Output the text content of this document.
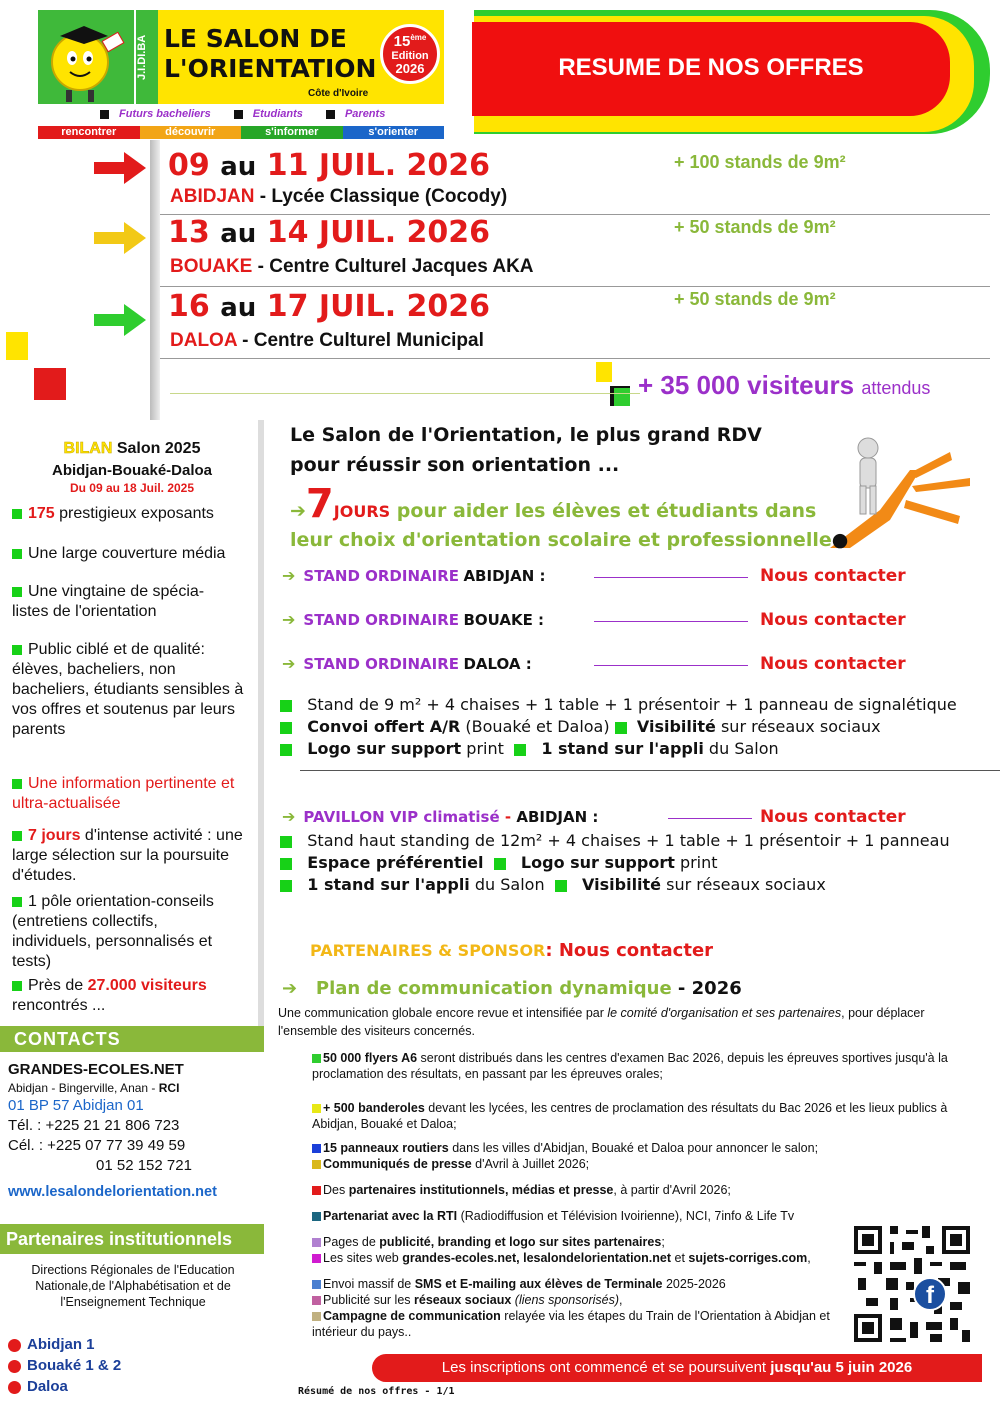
J.I.DI.BA LE SALON DE
L'ORIENTATION
15ème
Edition
2026
Côte d'Ivoire
Futurs bacheliers	Etudiants	Parents
rencontrer	découvrir	s'informer	s'orienter
RESUME DE NOS OFFRES
09 au 11 JUIL. 2026
ABIDJAN - Lycée Classique (Cocody)
+ 100 stands de 9m²
13 au 14 JUIL. 2026
BOUAKE - Centre Culturel Jacques AKA
+ 50 stands de 9m²
16 au 17 JUIL. 2026
DALOA - Centre Culturel Municipal
+ 50 stands de 9m²
+ 35 000 visiteurs attendus
BILAN Salon 2025
Abidjan-Bouaké-Daloa
Du 09 au 18 Juil. 2025
175 prestigieux exposants
Une large couverture média
Une vingtaine de spécia-listes de l'orientation
Public ciblé et de qualité: élèves, bacheliers, non bacheliers, étudiants sensibles à vos offres et soutenus par leurs parents
Une information pertinente et ultra-actualisée
7 jours d'intense activité : une large sélection sur la poursuite d'études.
1 pôle orientation-conseils (entretiens collectifs, individuels, personnalisés et tests)
Près de 27.000 visiteurs rencontrés ...
CONTACTS
GRANDES-ECOLES.NET
Abidjan - Bingerville, Anan - RCI
01 BP 57 Abidjan 01
Tél. : +225 21 21 806 723
Cél. : +225 07 77 39 49 59
01 52 152 721
www.lesalondelorientation.net
Partenaires institutionnels
Directions Régionales de l'Education Nationale,de l'Alphabétisation et de l'Enseignement Technique
Abidjan 1
Bouaké 1 & 2
Daloa
Le Salon de l'Orientation, le plus grand RDV
pour réussir son orientation ...
➔7JOURS pour aider les élèves et étudiants dans
leur choix d'orientation scolaire et professionnelle●
➔ STAND ORDINAIRE ABIDJAN :	Nous contacter
➔ STAND ORDINAIRE BOUAKE :	Nous contacter
➔ STAND ORDINAIRE DALOA :	Nous contacter
Stand de 9 m² + 4 chaises + 1 table + 1 présentoir + 1 panneau de signalétique
Convoi offert A/R (Bouaké et Daloa) Visibilité sur réseaux sociaux
Logo sur support print 1 stand sur l'appli du Salon
➔ PAVILLON VIP climatisé - ABIDJAN :	Nous contacter
Stand haut standing de 12m² + 4 chaises + 1 table + 1 présentoir + 1 panneau
Espace préférentiel Logo sur support print
1 stand sur l'appli du Salon Visibilité sur réseaux sociaux
PARTENAIRES & SPONSOR: Nous contacter
➔ Plan de communication dynamique - 2026
Une communication globale encore revue et intensifiée par le comité d'organisation et ses partenaires, pour déplacer l'ensemble des visiteurs concernés.
50 000 flyers A6 seront distribués dans les centres d'examen Bac 2026, depuis les épreuves sportives jusqu'à la proclamation des résultats, en passant par les épreuves orales;
+ 500 banderoles devant les lycées, les centres de proclamation des résultats du Bac 2026 et les lieux publics à Abidjan, Bouaké et Daloa;
15 panneaux routiers dans les villes d'Abidjan, Bouaké et Daloa pour annoncer le salon;
Communiqués de presse d'Avril à Juillet 2026;
Des partenaires institutionnels, médias et presse, à partir d'Avril 2026;
Partenariat avec la RTI (Radiodiffusion et Télévision Ivoirienne), NCI, 7info & Life Tv
Pages de publicité, branding et logo sur sites partenaires;
Les sites web grandes-ecoles.net, lesalondelorientation.net et sujets-corriges.com,
Envoi massif de SMS et E-mailing aux élèves de Terminale 2025-2026
Publicité sur les réseaux sociaux (liens sponsorisés),
Campagne de communication relayée via les étapes du Train de l'Orientation à Abidjan et intérieur du pays..
f
Les inscriptions ont commencé et se poursuivent jusqu'au 5 juin 2026
Résumé de nos offres - 1/1
